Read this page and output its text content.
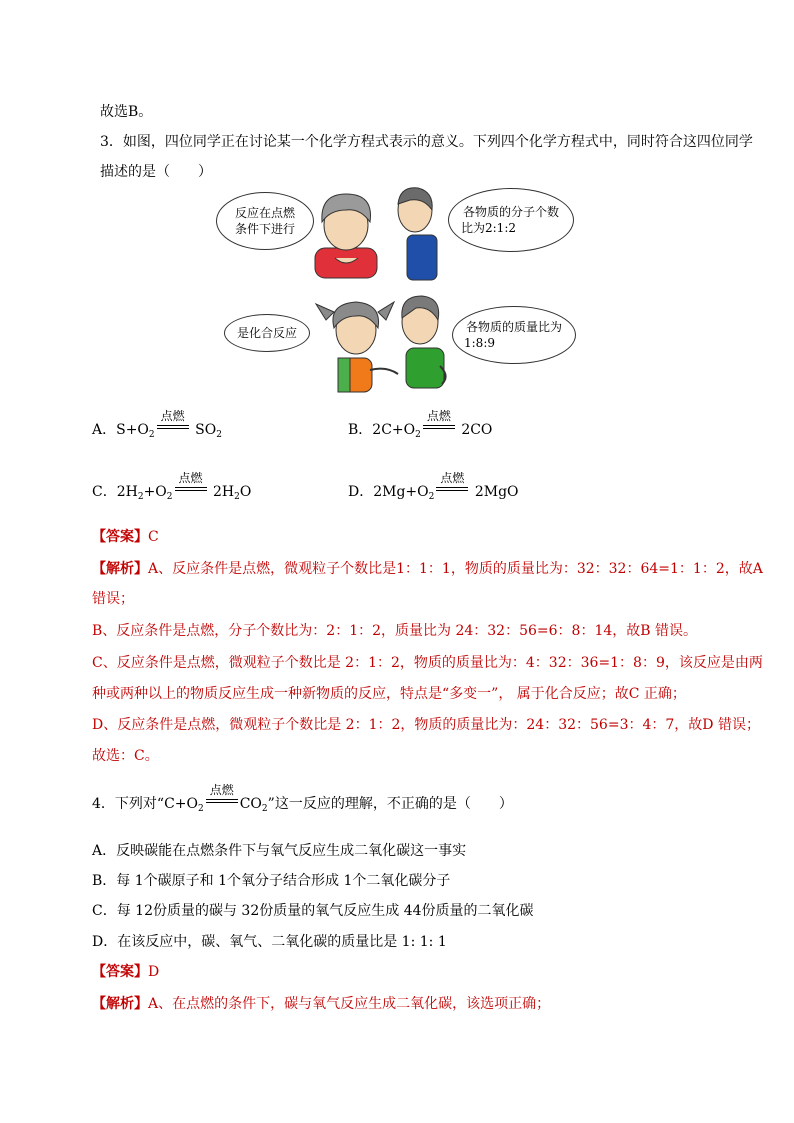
故选B。
3．如图，四位同学正在讨论某一个化学方程式表示的意义。下列四个化学方程式中，同时符合这四位同学
描述的是（　　）
反应在点燃
条件下进行
各物质的分子个数
比为2:1:2
是化合反应	各物质的质量比为
1:8:9
A．$S+O_2$
点燃
$SO_2$	B．$2C+O_2$
点燃
2CO
C．$2H_2+O_2$
点燃
$2H_2O$	D．$2Mg+O_2$
点燃
2MgO
【答案】C
【解析】A、反应条件是点燃，微观粒子个数比是1：1：1，物质的质量比为：32：32：64=1：1：2，故A
错误；
B、反应条件是点燃，分子个数比为：2：1：2，质量比为 24：32：56=6：8：14，故B 错误。
C、反应条件是点燃，微观粒子个数比是 2：1：2，物质的质量比为：4：32：36=1：8：9，该反应是由两
种或两种以上的物质反应生成一种新物质的反应，特点是“多变一”， 属于化合反应；故C 正确；
D、反应条件是点燃，微观粒子个数比是 2：1：2，物质的质量比为：24：32：56=3：4：7，故D 错误；
故选：C。
4．下列对“$C+O_2$
点燃
$CO_2$”这一反应的理解，不正确的是（　　）
A．反映碳能在点燃条件下与氧气反应生成二氧化碳这一事实
B．每 1个碳原子和 1个氧分子结合形成 1个二氧化碳分子
C．每 12份质量的碳与 32份质量的氧气反应生成 44份质量的二氧化碳
D．在该反应中，碳、氧气、二氧化碳的质量比是 1: 1: 1
【答案】D
【解析】A、在点燃的条件下，碳与氧气反应生成二氧化碳，该选项正确；
